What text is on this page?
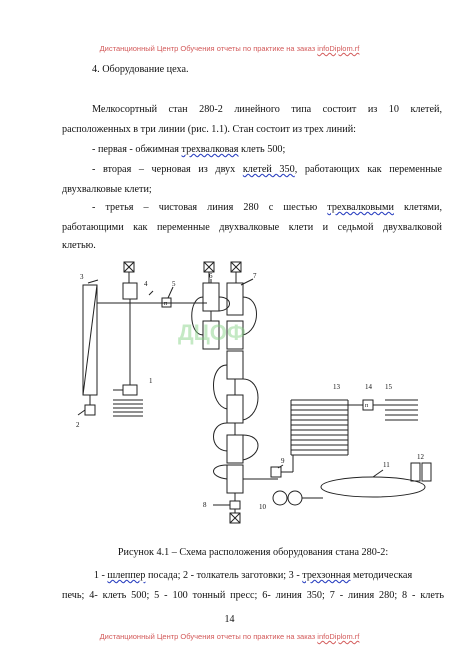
Дистанционный Центр Обучения отчеты по практике на заказ infoDiplom.rf
4. Оборудование цеха.
Мелкосортный стан 280-2 линейного типа состоит из 10 клетей,
расположенных в три линии (рис. 1.1). Стан состоит из трех линий:
- первая - обжимная трехвалковая клеть 500;
- вторая – черновая из двух клетей 350, работающих как переменные
двухвалковые клети;
- третья – чистовая линия 280 с шестью трехвалковыми клетями,
работающими как переменные двухвалковые клети и седьмой двухвалковой
клетью.
ДЦОФ
1
2
3
4	5
6	7
8
9
10
11
12
13	14 15
п
п
Рисунок 4.1 – Схема расположения оборудования стана 280-2:
1 - шлеппер посада; 2 - толкатель заготовки; 3 - трехзонная методическая
печь; 4- клеть 500; 5 - 100 тонный пресс; 6- линия 350; 7 - линия 280; 8 - клеть
14
Дистанционный Центр Обучения отчеты по практике на заказ infoDiplom.rf
